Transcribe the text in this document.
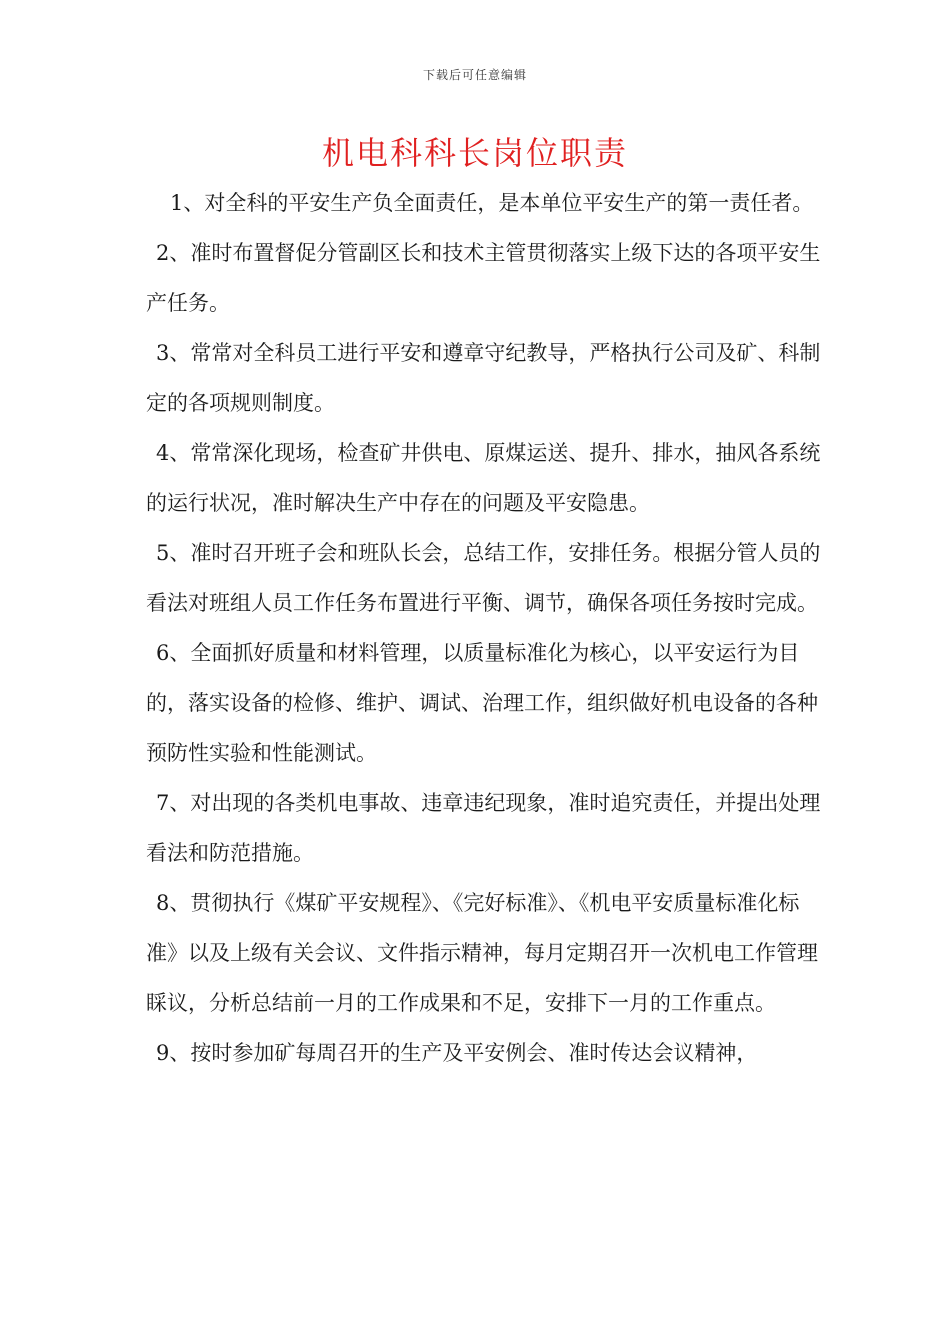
下载后可任意编辑
机电科科长岗位职责

1、对全科的平安生产负全面责任，是本单位平安生产的第一责任者。

2、准时布置督促分管副区长和技术主管贯彻落实上级下达的各项平安生产任务。

3、常常对全科员工进行平安和遵章守纪教导，严格执行公司及矿、科制定的各项规则制度。

4、常常深化现场，检查矿井供电、原煤运送、提升、排水，抽风各系统的运行状况，准时解决生产中存在的问题及平安隐患。

5、准时召开班子会和班队长会，总结工作，安排任务。根据分管人员的看法对班组人员工作任务布置进行平衡、调节，确保各项任务按时完成。

6、全面抓好质量和材料管理，以质量标准化为核心，以平安运行为目的，落实设备的检修、维护、调试、治理工作，组织做好机电设备的各种预防性实验和性能测试。

7、对出现的各类机电事故、违章违纪现象，准时追究责任，并提出处理看法和防范措施。

8、贯彻执行《煤矿平安规程》、《完好标准》、《机电平安质量标准化标准》以及上级有关会议、文件指示精神，每月定期召开一次机电工作管理睬议，分析总结前一月的工作成果和不足，安排下一月的工作重点。

9、按时参加矿每周召开的生产及平安例会、准时传达会议精神，
